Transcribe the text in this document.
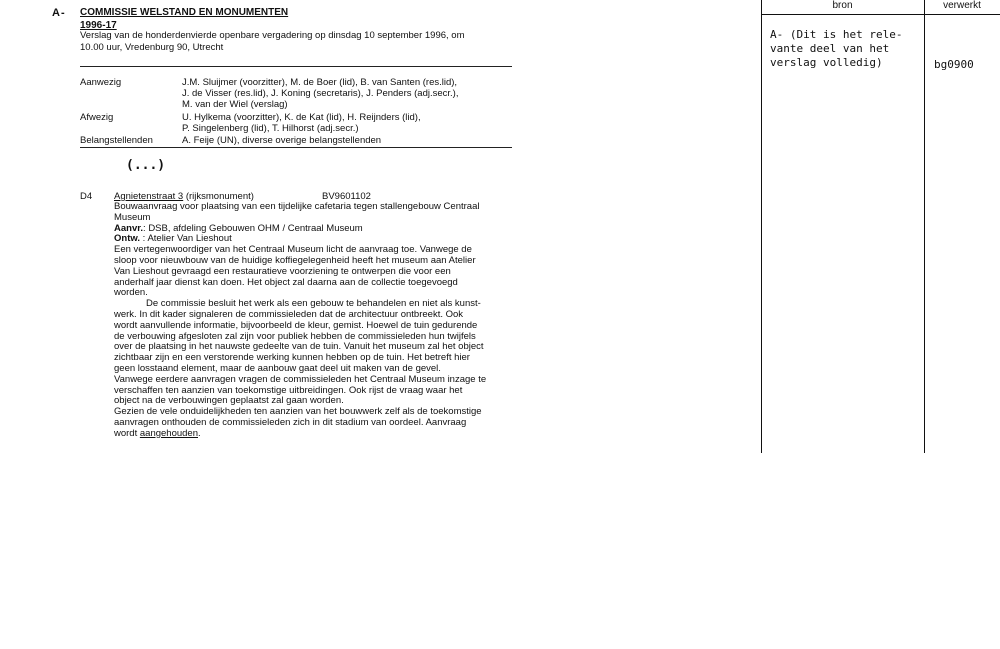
A- COMMISSIE WELSTAND EN MONUMENTEN
1996-17
Verslag van de honderdenvierde openbare vergadering op dinsdag 10 september 1996, om
10.00 uur, Vredenburg 90, Utrecht
Aanwezig	J.M. Sluijmer (voorzitter), M. de Boer (lid), B. van Santen (res.lid),
J. de Visser (res.lid), J. Koning (secretaris), J. Penders (adj.secr.),
M. van der Wiel (verslag)
Afwezig	U. Hylkema (voorzitter), K. de Kat (lid), H. Reijnders (lid),
P. Singelenberg (lid), T. Hilhorst (adj.secr.)
Belangstellenden	A. Feije (UN), diverse overige belangstellenden
(...)
D4 Agnietenstraat 3 (rijksmonument)	BV9601102

Bouwaanvraag voor plaatsing van een tijdelijke cafetaria tegen stallengebouw Centraal

Museum

Aanvr.: DSB, afdeling Gebouwen OHM / Centraal Museum

Ontw. : Atelier Van Lieshout

Een vertegenwoordiger van het Centraal Museum licht de aanvraag toe. Vanwege de

sloop voor nieuwbouw van de huidige koffiegelegenheid heeft het museum aan Atelier

Van Lieshout gevraagd een restauratieve voorziening te ontwerpen die voor een

anderhalf jaar dienst kan doen. Het object zal daarna aan de collectie toegevoegd

worden.

De commissie besluit het werk als een gebouw te behandelen en niet als kunst-

werk. In dit kader signaleren de commissieleden dat de architectuur ontbreekt. Ook

wordt aanvullende informatie, bijvoorbeeld de kleur, gemist. Hoewel de tuin gedurende

de verbouwing afgesloten zal zijn voor publiek hebben de commissieleden hun twijfels

over de plaatsing in het nauwste gedeelte van de tuin. Vanuit het museum zal het object

zichtbaar zijn en een verstorende werking kunnen hebben op de tuin. Het betreft hier

geen losstaand element, maar de aanbouw gaat deel uit maken van de gevel.

Vanwege eerdere aanvragen vragen de commissieleden het Centraal Museum inzage te

verschaffen ten aanzien van toekomstige uitbreidingen. Ook rijst de vraag waar het

object na de verbouwingen geplaatst zal gaan worden.

Gezien de vele onduidelijkheden ten aanzien van het bouwwerk zelf als de toekomstige

aanvragen onthouden de commissieleden zich in dit stadium van oordeel. Aanvraag

wordt aangehouden.

bron	verwerkt
A- (Dit is het rele-
vante deel van het
verslag volledig)	bg0900
